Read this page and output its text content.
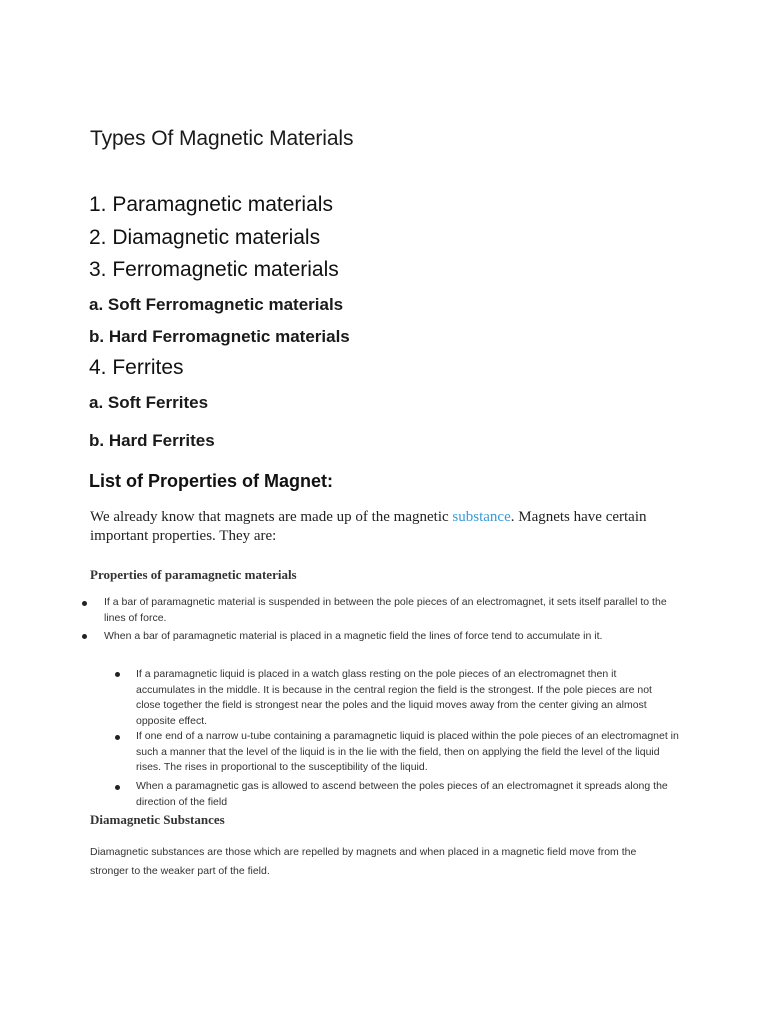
Types Of Magnetic Materials
1. Paramagnetic materials
2. Diamagnetic materials
3. Ferromagnetic materials
a. Soft Ferromagnetic materials
b. Hard Ferromagnetic materials
4. Ferrites
a. Soft Ferrites
b. Hard Ferrites
List of Properties of Magnet:

We already know that magnets are made up of the magnetic substance. Magnets have certain important properties. They are:

Properties of paramagnetic materials

If a bar of paramagnetic material is suspended in between the pole pieces of an electromagnet, it sets itself parallel to the lines of force.

When a bar of paramagnetic material is placed in a magnetic field the lines of force tend to accumulate in it.

If a paramagnetic liquid is placed in a watch glass resting on the pole pieces of an electromagnet then it accumulates in the middle. It is because in the central region the field is the strongest. If the pole pieces are not close together the field is strongest near the poles and the liquid moves away from the center giving an almost opposite effect.

If one end of a narrow u-tube containing a paramagnetic liquid is placed within the pole pieces of an electromagnet in such a manner that the level of the liquid is in the lie with the field, then on applying the field the level of the liquid rises. The rises in proportional to the susceptibility of the liquid.

When a paramagnetic gas is allowed to ascend between the poles pieces of an electromagnet it spreads along the direction of the field

Diamagnetic Substances

Diamagnetic substances are those which are repelled by magnets and when placed in a magnetic field move from the stronger to the weaker part of the field.
